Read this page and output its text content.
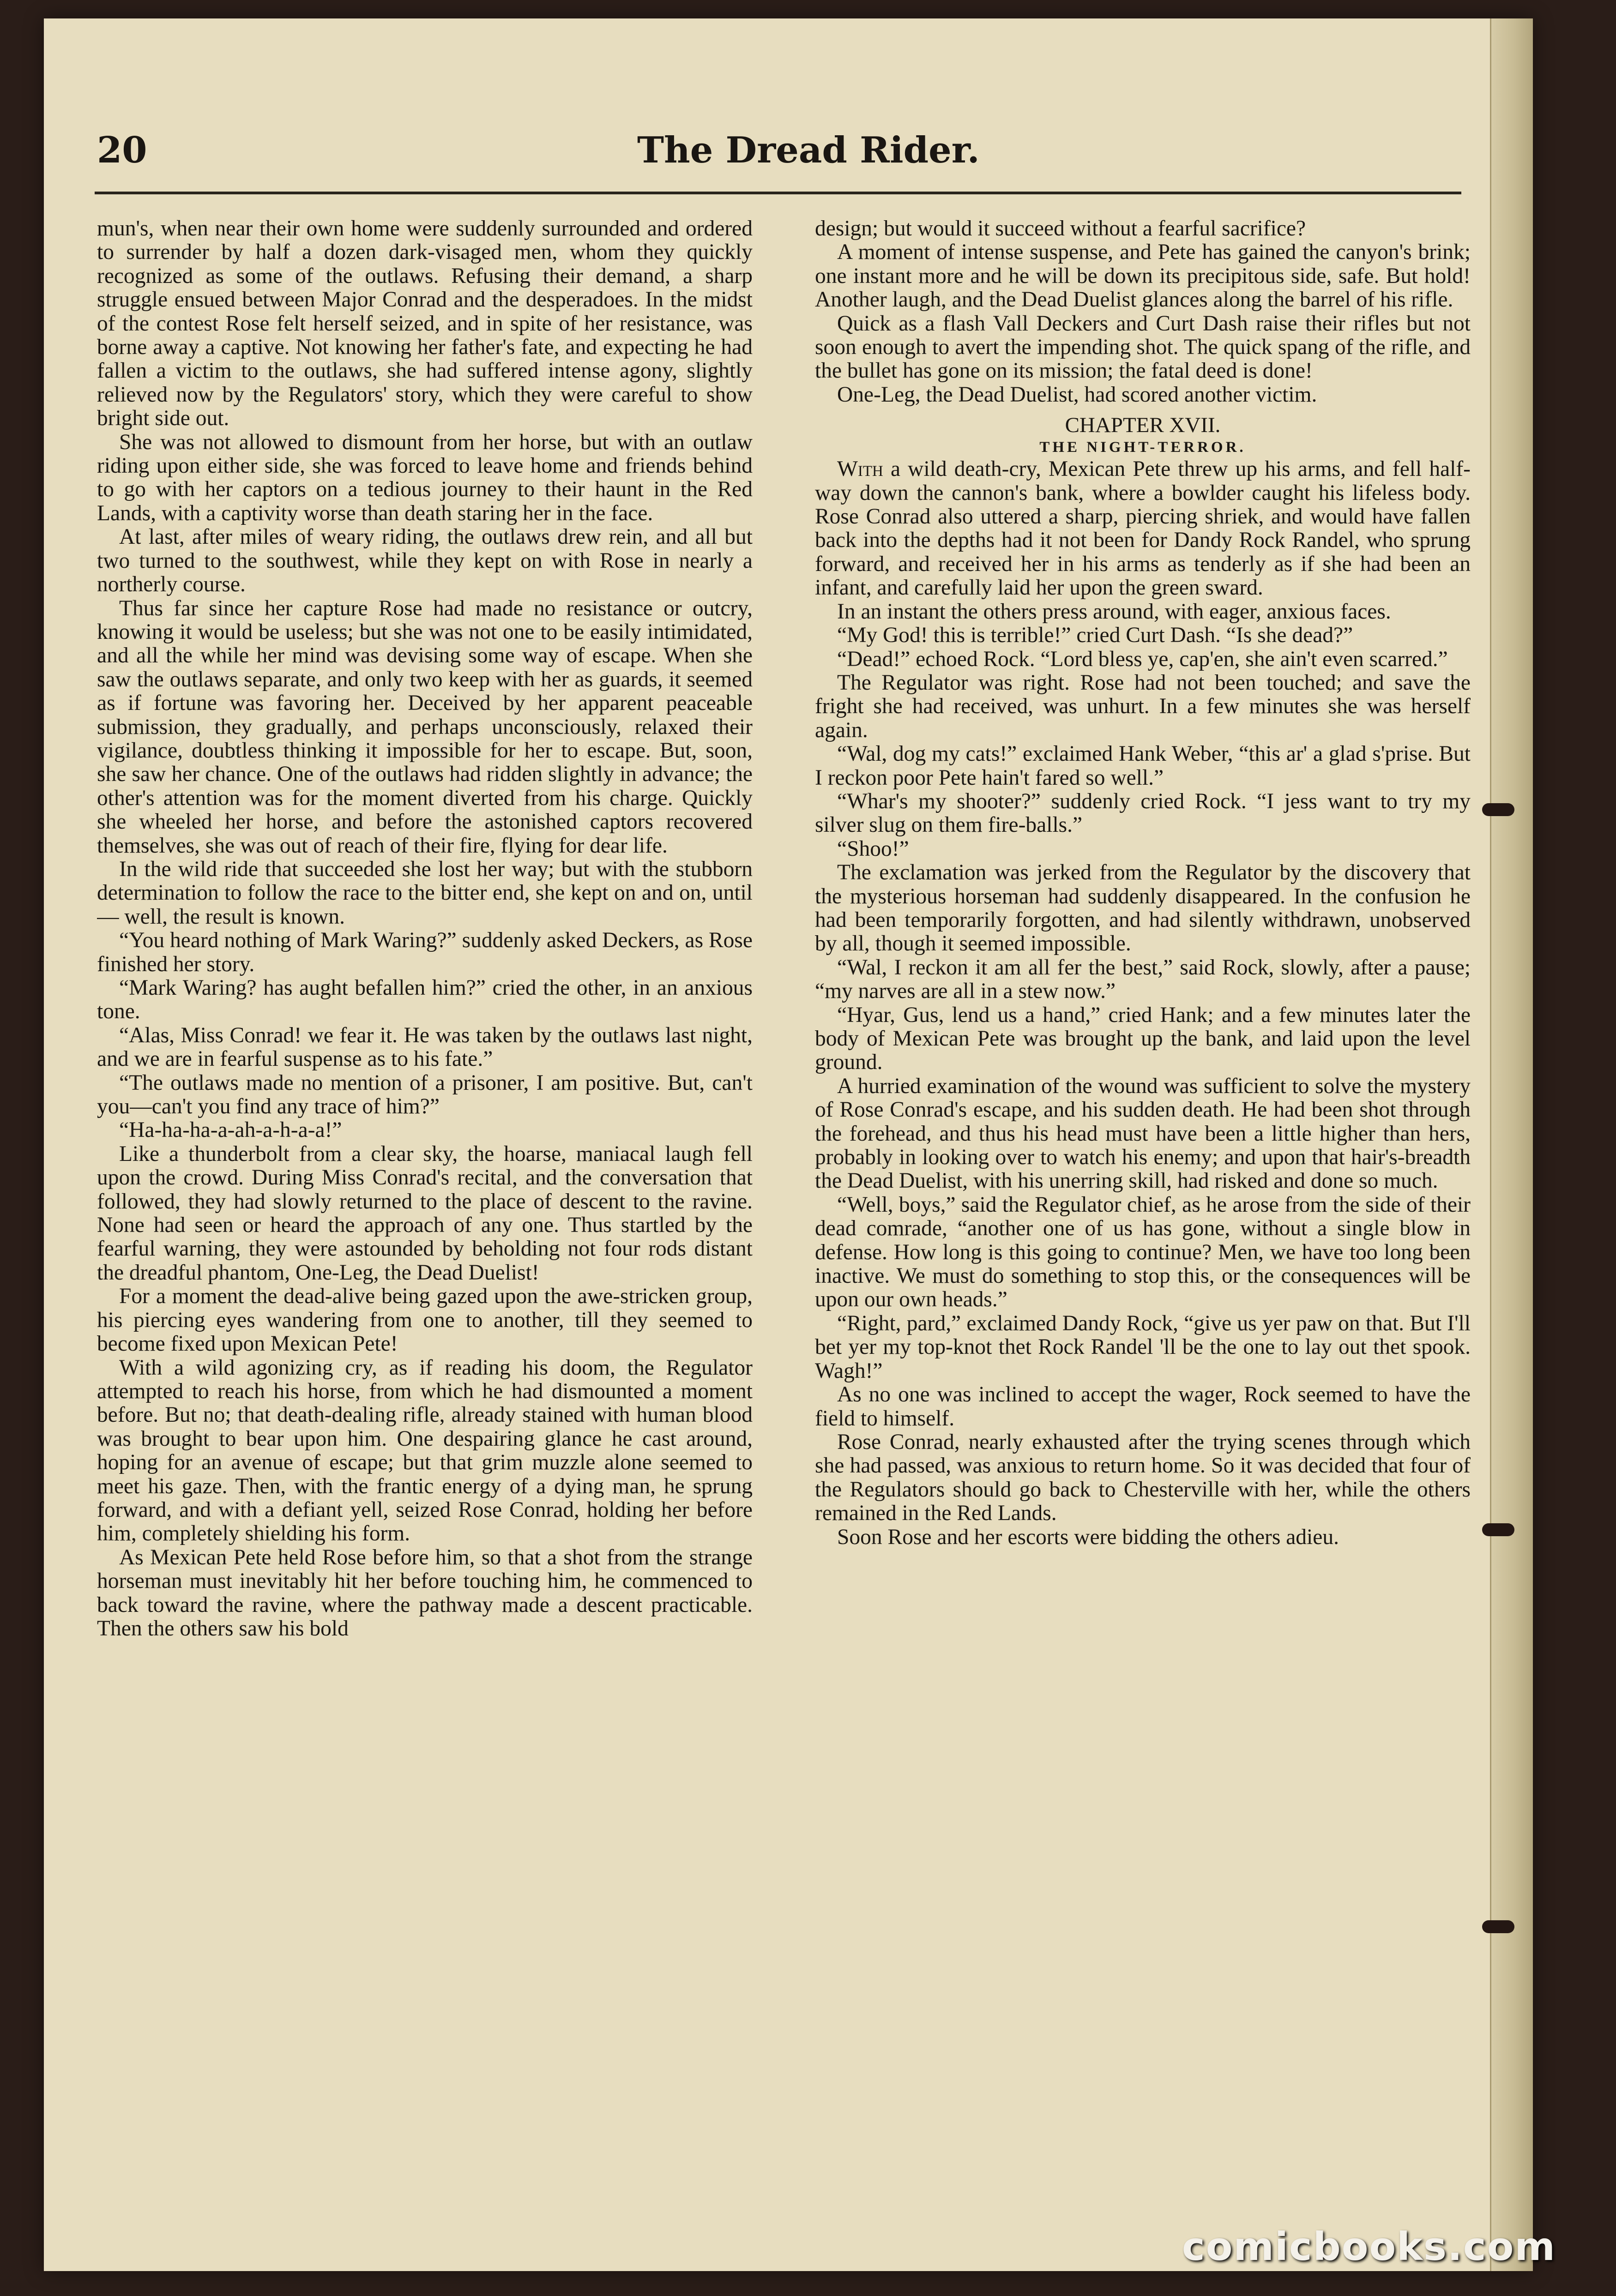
20	The Dread Rider.

mun's, when near their own home were suddenly surrounded and ordered to surrender by half a dozen dark-visaged men, whom they quickly recognized as some of the outlaws. Refusing their demand, a sharp struggle ensued between Major Conrad and the desperadoes. In the midst of the contest Rose felt herself seized, and in spite of her resistance, was borne away a captive. Not knowing her father's fate, and expecting he had fallen a victim to the outlaws, she had suffered intense agony, slightly relieved now by the Regulators' story, which they were careful to show bright side out.

She was not allowed to dismount from her horse, but with an outlaw riding upon either side, she was forced to leave home and friends behind to go with her captors on a tedious journey to their haunt in the Red Lands, with a captivity worse than death staring her in the face.

At last, after miles of weary riding, the outlaws drew rein, and all but two turned to the southwest, while they kept on with Rose in nearly a northerly course.

Thus far since her capture Rose had made no resistance or outcry, knowing it would be useless; but she was not one to be easily intimidated, and all the while her mind was devising some way of escape. When she saw the outlaws separate, and only two keep with her as guards, it seemed as if fortune was favoring her. Deceived by her apparent peaceable submission, they gradually, and perhaps unconsciously, relaxed their vigilance, doubtless thinking it impossible for her to escape. But, soon, she saw her chance. One of the outlaws had ridden slightly in advance; the other's attention was for the moment diverted from his charge. Quickly she wheeled her horse, and before the astonished captors recovered themselves, she was out of reach of their fire, flying for dear life.

In the wild ride that succeeded she lost her way; but with the stubborn determination to follow the race to the bitter end, she kept on and on, until— well, the result is known.

“You heard nothing of Mark Waring?” suddenly asked Deckers, as Rose finished her story.

“Mark Waring? has aught befallen him?” cried the other, in an anxious tone.

“Alas, Miss Conrad! we fear it. He was taken by the outlaws last night, and we are in fearful suspense as to his fate.”

“The outlaws made no mention of a prisoner, I am positive. But, can't you—can't you find any trace of him?”

“Ha-ha-ha-a-ah-a-h-a-a!”

Like a thunderbolt from a clear sky, the hoarse, maniacal laugh fell upon the crowd. During Miss Conrad's recital, and the conversation that followed, they had slowly returned to the place of descent to the ravine. None had seen or heard the approach of any one. Thus startled by the fearful warning, they were astounded by beholding not four rods distant the dreadful phantom, One-Leg, the Dead Duelist!

For a moment the dead-alive being gazed upon the awe-stricken group, his piercing eyes wandering from one to another, till they seemed to become fixed upon Mexican Pete!

With a wild agonizing cry, as if reading his doom, the Regulator attempted to reach his horse, from which he had dismounted a moment before. But no; that death-dealing rifle, already stained with human blood was brought to bear upon him. One despairing glance he cast around, hoping for an avenue of escape; but that grim muzzle alone seemed to meet his gaze. Then, with the frantic energy of a dying man, he sprung forward, and with a defiant yell, seized Rose Conrad, holding her before him, completely shielding his form.

As Mexican Pete held Rose before him, so that a shot from the strange horseman must inevitably hit her before touching him, he commenced to back toward the ravine, where the pathway made a descent practicable. Then the others saw his bold

design; but would it succeed without a fearful sacrifice?

A moment of intense suspense, and Pete has gained the canyon's brink; one instant more and he will be down its precipitous side, safe. But hold! Another laugh, and the Dead Duelist glances along the barrel of his rifle.

Quick as a flash Vall Deckers and Curt Dash raise their rifles but not soon enough to avert the impending shot. The quick spang of the rifle, and the bullet has gone on its mission; the fatal deed is done!

One-Leg, the Dead Duelist, had scored another victim.

CHAPTER XVII.
THE NIGHT-TERROR.

With a wild death-cry, Mexican Pete threw up his arms, and fell half-way down the cannon's bank, where a bowlder caught his lifeless body. Rose Conrad also uttered a sharp, piercing shriek, and would have fallen back into the depths had it not been for Dandy Rock Randel, who sprung forward, and received her in his arms as tenderly as if she had been an infant, and carefully laid her upon the green sward.

In an instant the others press around, with eager, anxious faces.

“My God! this is terrible!” cried Curt Dash. “Is she dead?”

“Dead!” echoed Rock. “Lord bless ye, cap'en, she ain't even scarred.”

The Regulator was right. Rose had not been touched; and save the fright she had received, was unhurt. In a few minutes she was herself again.

“Wal, dog my cats!” exclaimed Hank Weber, “this ar' a glad s'prise. But I reckon poor Pete hain't fared so well.”

“Whar's my shooter?” suddenly cried Rock. “I jess want to try my silver slug on them fire-balls.”

“Shoo!”

The exclamation was jerked from the Regulator by the discovery that the mysterious horseman had suddenly disappeared. In the confusion he had been temporarily forgotten, and had silently withdrawn, unobserved by all, though it seemed impossible.

“Wal, I reckon it am all fer the best,” said Rock, slowly, after a pause; “my narves are all in a stew now.”

“Hyar, Gus, lend us a hand,” cried Hank; and a few minutes later the body of Mexican Pete was brought up the bank, and laid upon the level ground.

A hurried examination of the wound was sufficient to solve the mystery of Rose Conrad's escape, and his sudden death. He had been shot through the forehead, and thus his head must have been a little higher than hers, probably in looking over to watch his enemy; and upon that hair's-breadth the Dead Duelist, with his unerring skill, had risked and done so much.

“Well, boys,” said the Regulator chief, as he arose from the side of their dead comrade, “another one of us has gone, without a single blow in defense. How long is this going to continue? Men, we have too long been inactive. We must do something to stop this, or the consequences will be upon our own heads.”

“Right, pard,” exclaimed Dandy Rock, “give us yer paw on that. But I'll bet yer my top-knot thet Rock Randel 'll be the one to lay out thet spook. Wagh!”

As no one was inclined to accept the wager, Rock seemed to have the field to himself.

Rose Conrad, nearly exhausted after the trying scenes through which she had passed, was anxious to return home. So it was decided that four of the Regulators should go back to Chesterville with her, while the others remained in the Red Lands.

Soon Rose and her escorts were bidding the others adieu.

comicbooks.com
